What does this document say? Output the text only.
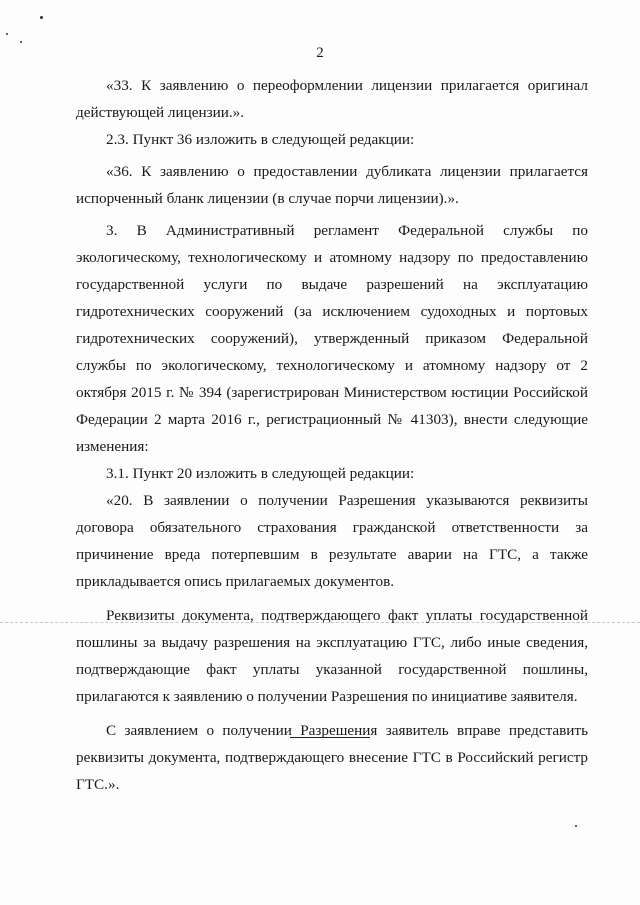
2

«33. К заявлению о переоформлении лицензии прилагается оригинал действующей лицензии.».

2.3. Пункт 36 изложить в следующей редакции:

«36. К заявлению о предоставлении дубликата лицензии прилагается испорченный бланк лицензии (в случае порчи лицензии).».

3. В Административный регламент Федеральной службы по экологическому, технологическому и атомному надзору по предоставлению государственной услуги по выдаче разрешений на эксплуатацию гидротехнических сооружений (за исключением судоходных и портовых гидротехнических сооружений), утвержденный приказом Федеральной службы по экологическому, технологическому и атомному надзору от 2 октября 2015 г. № 394 (зарегистрирован Министерством юстиции Российской Федерации 2 марта 2016 г., регистрационный № 41303), внести следующие изменения:

3.1. Пункт 20 изложить в следующей редакции:

«20. В заявлении о получении Разрешения указываются реквизиты договора обязательного страхования гражданской ответственности за причинение вреда потерпевшим в результате аварии на ГТС, а также прикладывается опись прилагаемых документов.

Реквизиты документа, подтверждающего факт уплаты государственной пошлины за выдачу разрешения на эксплуатацию ГТС, либо иные сведения, подтверждающие факт уплаты указанной государственной пошлины, прилагаются к заявлению о получении Разрешения по инициативе заявителя.

С заявлением о получении Разрешения заявитель вправе представить реквизиты документа, подтверждающего внесение ГТС в Российский регистр ГТС.».
